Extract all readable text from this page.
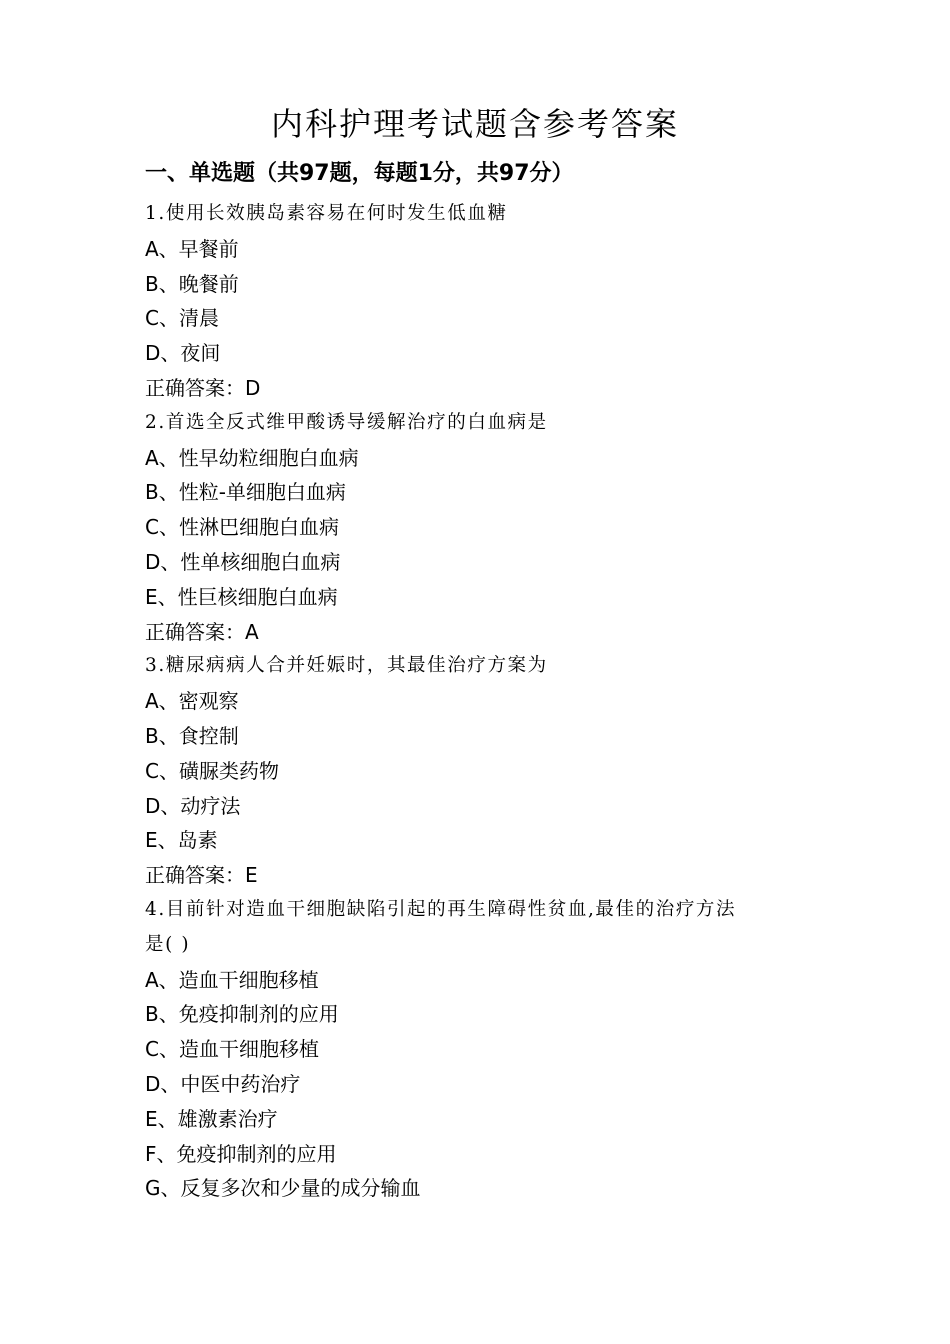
内科护理考试题含参考答案
一、单选题（共97题，每题1分，共97分）
1.使用长效胰岛素容易在何时发生低血糖
A、早餐前
B、晚餐前
C、清晨
D、夜间
正确答案：D
2.首选全反式维甲酸诱导缓解治疗的白血病是
A、性早幼粒细胞白血病
B、性粒-单细胞白血病
C、性淋巴细胞白血病
D、性单核细胞白血病
E、性巨核细胞白血病
正确答案：A
3.糖尿病病人合并妊娠时，其最佳治疗方案为
A、密观察
B、食控制
C、磺脲类药物
D、动疗法
E、岛素
正确答案：E
4.目前针对造血干细胞缺陷引起的再生障碍性贫血,最佳的治疗方法
是( )
A、造血干细胞移植
B、免疫抑制剂的应用
C、造血干细胞移植
D、中医中药治疗
E、雄激素治疗
F、免疫抑制剂的应用
G、反复多次和少量的成分输血
